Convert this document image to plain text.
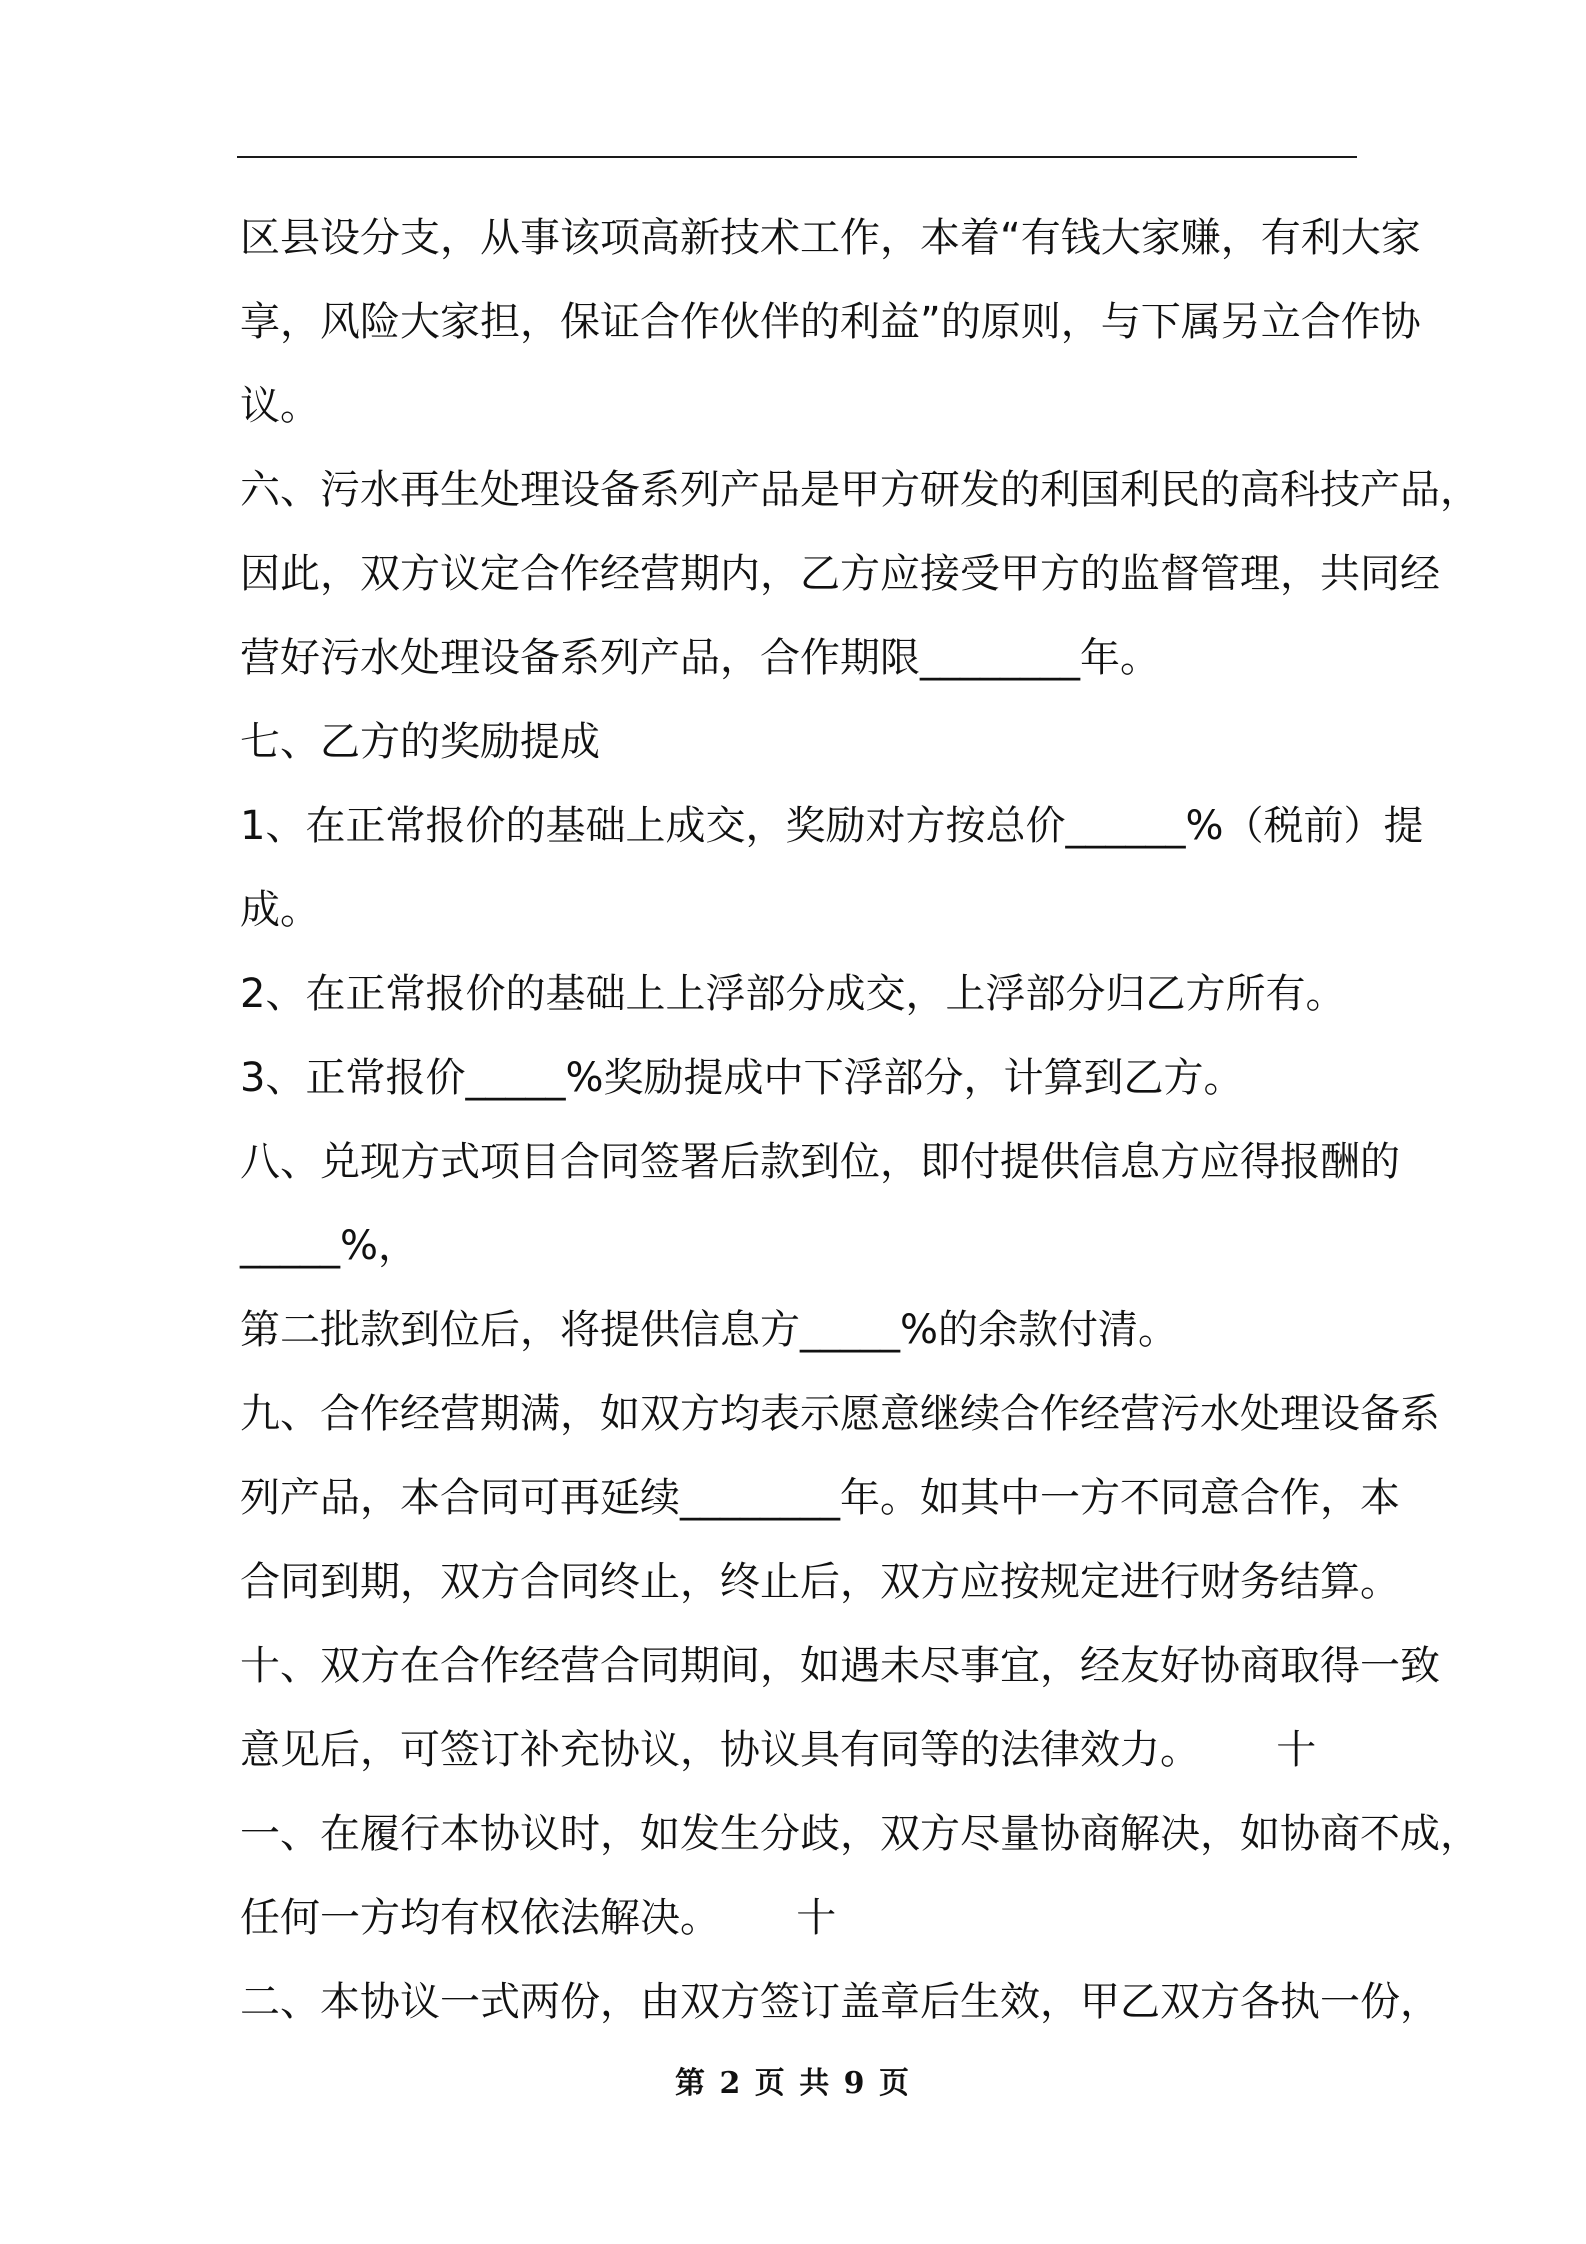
区县设分支，从事该项高新技术工作，本着“有钱大家赚，有利大家
享，风险大家担，保证合作伙伴的利益”的原则，与下属另立合作协
议。
六、污水再生处理设备系列产品是甲方研发的利国利民的高科技产品，
因此，双方议定合作经营期内，乙方应接受甲方的监督管理，共同经
营好污水处理设备系列产品，合作期限________年。
七、乙方的奖励提成
1、在正常报价的基础上成交，奖励对方按总价______%（税前）提
成。
2、在正常报价的基础上上浮部分成交，上浮部分归乙方所有。
3、正常报价_____%奖励提成中下浮部分，计算到乙方。
八、兑现方式项目合同签署后款到位，即付提供信息方应得报酬的
_____%，
第二批款到位后，将提供信息方_____%的余款付清。
九、合作经营期满，如双方均表示愿意继续合作经营污水处理设备系
列产品，本合同可再延续________年。如其中一方不同意合作，本
合同到期，双方合同终止，终止后，双方应按规定进行财务结算。
十、双方在合作经营合同期间，如遇未尽事宜，经友好协商取得一致
意见后，可签订补充协议，协议具有同等的法律效力。      十
一、在履行本协议时，如发生分歧，双方尽量协商解决，如协商不成，
任何一方均有权依法解决。      十
二、本协议一式两份，由双方签订盖章后生效，甲乙双方各执一份，
第 2 页 共 9 页
